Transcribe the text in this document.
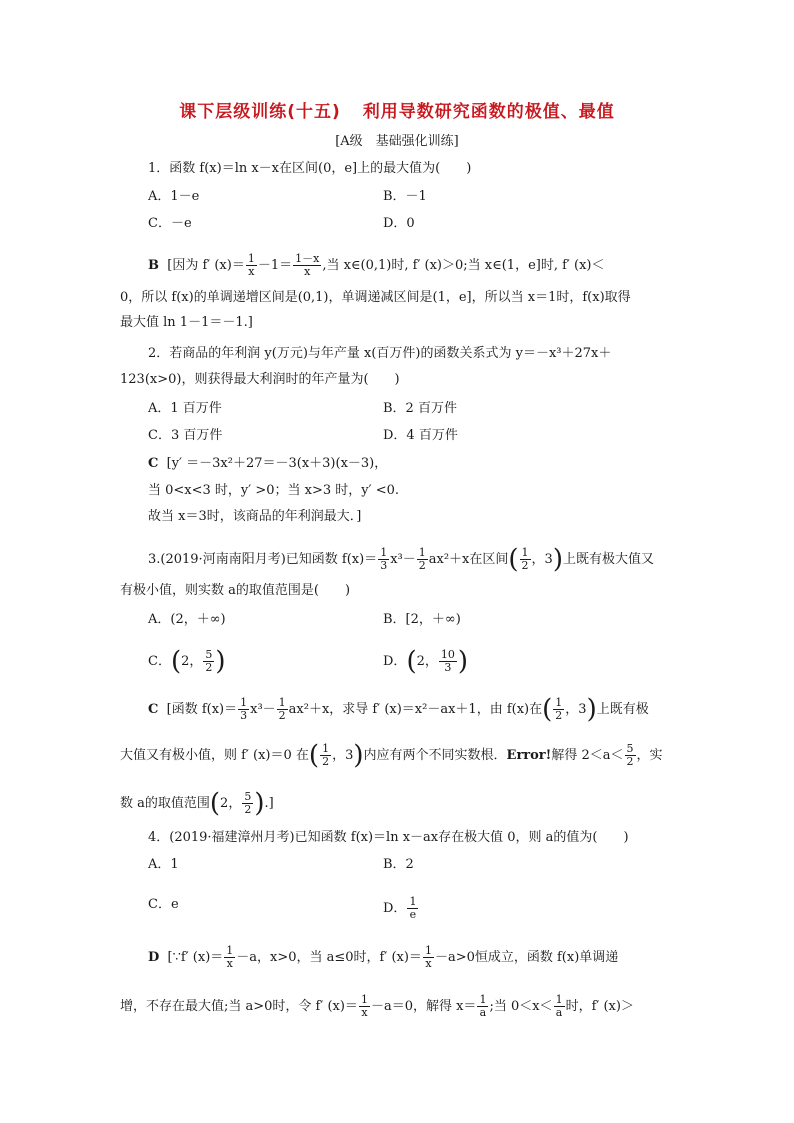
课下层级训练(十五) 利用导数研究函数的极值、最值
[A级　基础强化训练]
1．函数 f(x)＝ln x－x在区间(0，e]上的最大值为(　　)
A．1－e	B．－1
C．－e	D．0
B [因为 f′ $(x)= \frac{1}{x} -1= \frac{1-x}{x}$ ,当 x∈(0,1)时, f′ (x)＞0;当 x∈(1，e]时, f′ (x)＜
0，所以 f(x)的单调递增区间是(0,1)，单调递减区间是(1，e]，所以当 x＝1时，f(x)取得
最大值 ln 1－1＝－1.]
2．若商品的年利润 y(万元)与年产量 x(百万件)的函数关系式为 y＝－x³＋27x＋
123(x>0)，则获得最大利润时的年产量为(　　)
A．1 百万件	B．2 百万件
C．3 百万件	D．4 百万件
C [y′ ＝－3x²＋27＝－3(x＋3)(x－3)，
当 0<x<3 时，y′ >0；当 x>3 时，y′ <0.
故当 x＝3时，该商品的年利润最大．]
3.(2019·河南南阳月考)已知函数 $f(x)= \frac{1}{3} x^3- \frac{1}{2} ax^2+x$在区间( $\frac{1}{2}$ ，3)上既有极大值又
有极小值，则实数 a的取值范围是(　　)
A．(2，＋∞)	B．[2，＋∞)
C．(2， $\frac{5}{2}$ )	D．(2， $\frac{10}{3}$ )
C [函数 $f(x)= \frac{1}{3} x^3- \frac{1}{2} ax^2+x$，求导 f′ (x)＝x²－ax＋1，由 f(x)在( $\frac{1}{2}$ ，3)上既有极
大值又有极小值，则 f′ (x)＝0 在( $\frac{1}{2}$ ，3)内应有两个不同实数根．Error!解得 $2<a< \frac{5}{2}$ ，实
数 a的取值范围(2， $\frac{5}{2}$ ).]
4．(2019·福建漳州月考)已知函数 f(x)＝ln x－ax存在极大值 0，则 a的值为(　　)
A．1	B．2
C．e	D． $\frac{1}{e}$
D [∵f′ $(x)= \frac{1}{x} -a$，x>0，当 a≤0时，f′ $(x)= \frac{1}{x} -a>0$恒成立，函数 f(x)单调递
增，不存在最大值;当 a>0时，令 f′ $(x)= \frac{1}{x} -a=0$，解得 $x= \frac{1}{a}$ ;当 $0<x< \frac{1}{a}$ 时，f′ (x)＞
